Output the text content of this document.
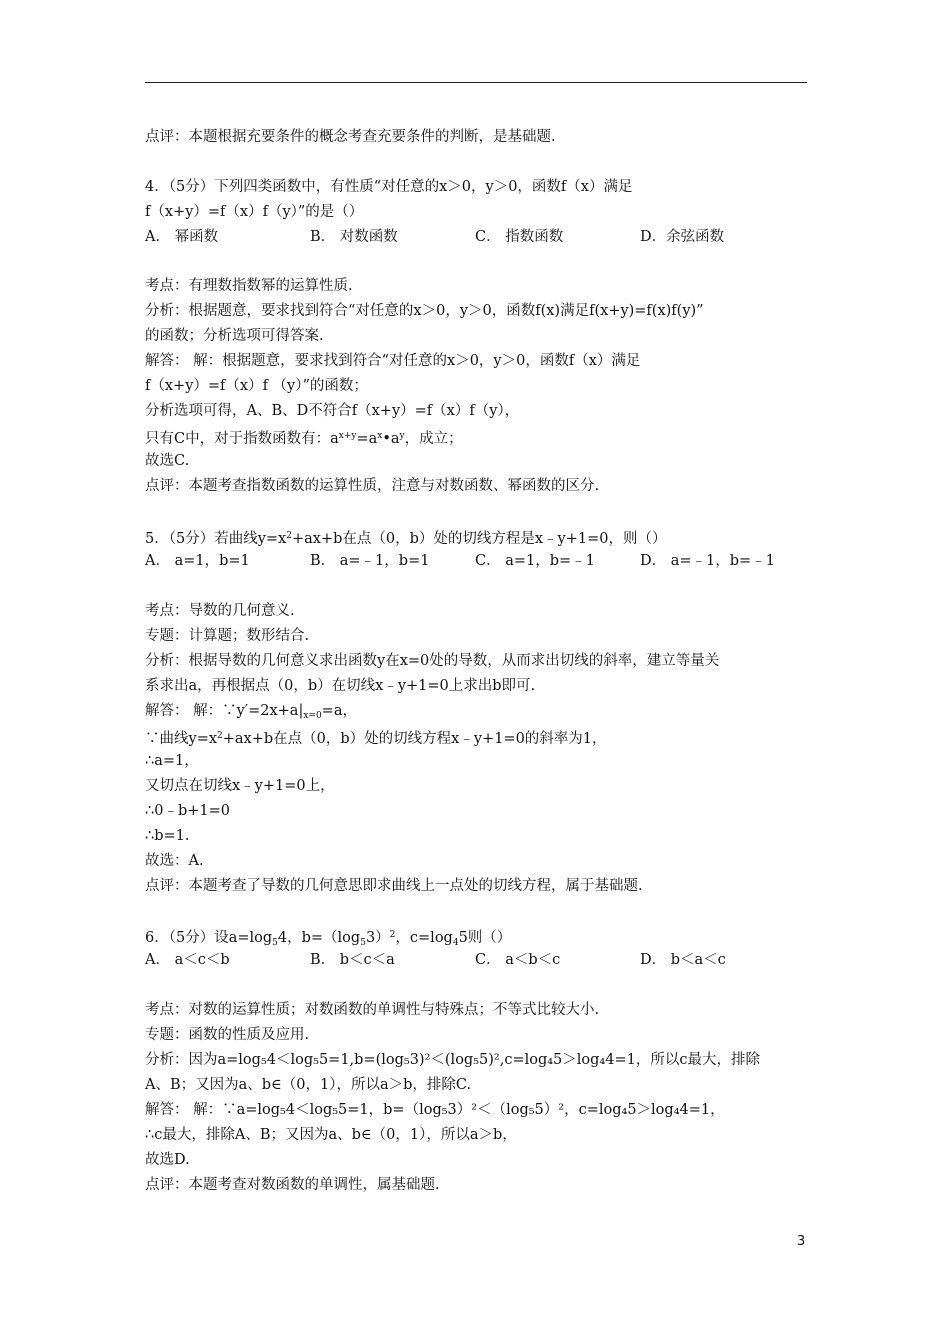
点评：本题根据充要条件的概念考查充要条件的判断，是基础题.
4．（5分）下列四类函数中，有性质“对任意的x＞0，y＞0，函数f（x）满足
f（x+y）=f（x）f（y）”的是（）
A． 幂函数	B． 对数函数	C． 指数函数	D．余弦函数
考点：有理数指数幂的运算性质.
分析：根据题意，要求找到符合“对任意的x＞0，y＞0，函数f(x)满足f(x+y)=f(x)f(y)”
的函数；分析选项可得答案.
解答： 解：根据题意，要求找到符合“对任意的x＞0，y＞0，函数f（x）满足
f（x+y）=f（x）f （y）”的函数；
分析选项可得，A、B、D不符合f（x+y）=f（x）f（y），
只有C中，对于指数函数有：$a^{x+y}=a^x•a^y$，成立；
故选C.
点评：本题考查指数函数的运算性质，注意与对数函数、幂函数的区分.
5．（5分）若曲线$y=x^2+ax+b$在点（0，b）处的切线方程是x﹣y+1=0，则（）
A． a=1，b=1	B． a=﹣1，b=1	C． a=1，b=﹣1	D． a=﹣1，b=﹣1
考点：导数的几何意义.
专题：计算题；数形结合.
分析：根据导数的几何意义求出函数y在x=0处的导数，从而求出切线的斜率，建立等量关
系求出a，再根据点（0，b）在切线x﹣y+1=0上求出b即可.
解答： 解：$\because y'=2x+a|_{x=0}=a$，
∵曲线$y=x^2+ax+b$在点（0，b）处的切线方程x﹣y+1=0的斜率为1，
∴a=1，
又切点在切线x﹣y+1=0上，
∴0﹣b+1=0
∴b=1.
故选：A.
点评：本题考查了导数的几何意思即求曲线上一点处的切线方程，属于基础题.
6．（5分）设$a=\log_54$，$b=(\log_53)^2$，$c=\log_45$则（）
A． a＜c＜b	B． b＜c＜a	C． a＜b＜c	D． b＜a＜c
考点：对数的运算性质；对数函数的单调性与特殊点；不等式比较大小.
专题：函数的性质及应用.
分析：因为a=log₅4＜log₅5=1,b=(log₅3)²＜(log₅5)²,c=log₄5＞log₄4=1，所以c最大，排除
A、B；又因为a、b∈（0，1），所以a＞b，排除C.
解答： 解：∵a=log₅4＜log₅5=1，b=（log₅3）²＜（log₅5）²，c=log₄5＞log₄4=1，
∴c最大，排除A、B；又因为a、b∈（0，1），所以a＞b，
故选D.
点评：本题考查对数函数的单调性，属基础题.
3
